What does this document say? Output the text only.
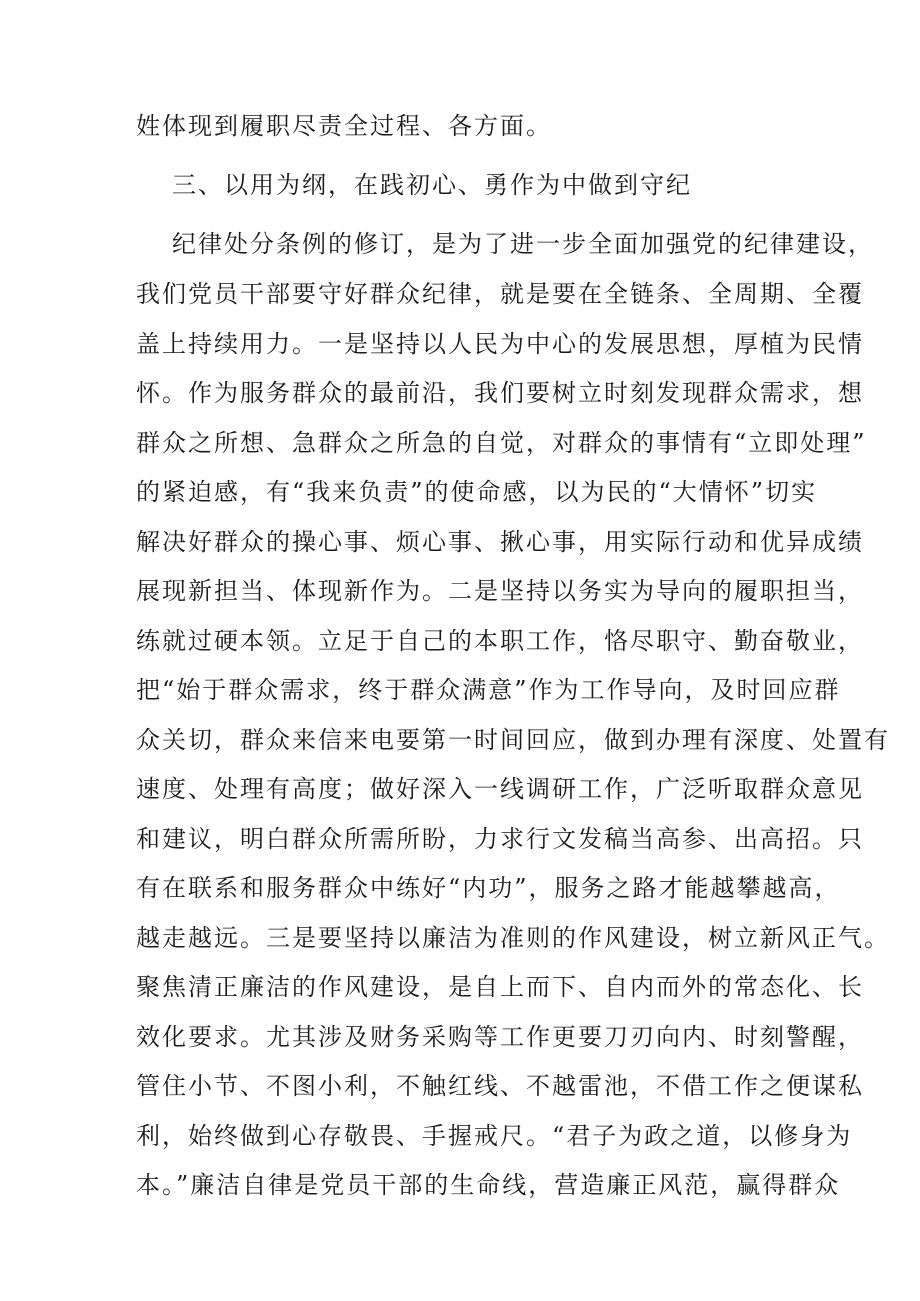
姓体现到履职尽责全过程、各方面。
三、以用为纲，在践初心、勇作为中做到守纪
纪律处分条例的修订，是为了进一步全面加强党的纪律建设，
我们党员干部要守好群众纪律，就是要在全链条、全周期、全覆
盖上持续用力。一是坚持以人民为中心的发展思想，厚植为民情
怀。作为服务群众的最前沿，我们要树立时刻发现群众需求，想
群众之所想、急群众之所急的自觉，对群众的事情有“立即处理”
的紧迫感，有“我来负责”的使命感，以为民的“大情怀”切实
解决好群众的操心事、烦心事、揪心事，用实际行动和优异成绩
展现新担当、体现新作为。二是坚持以务实为导向的履职担当，
练就过硬本领。立足于自己的本职工作，恪尽职守、勤奋敬业，
把“始于群众需求，终于群众满意”作为工作导向，及时回应群
众关切，群众来信来电要第一时间回应，做到办理有深度、处置有
速度、处理有高度；做好深入一线调研工作，广泛听取群众意见
和建议，明白群众所需所盼，力求行文发稿当高参、出高招。只
有在联系和服务群众中练好“内功”，服务之路才能越攀越高，
越走越远。三是要坚持以廉洁为准则的作风建设，树立新风正气。
聚焦清正廉洁的作风建设，是自上而下、自内而外的常态化、长
效化要求。尤其涉及财务采购等工作更要刀刃向内、时刻警醒，
管住小节、不图小利，不触红线、不越雷池，不借工作之便谋私
利，始终做到心存敬畏、手握戒尺。“君子为政之道，以修身为
本。”廉洁自律是党员干部的生命线，营造廉正风范，赢得群众
